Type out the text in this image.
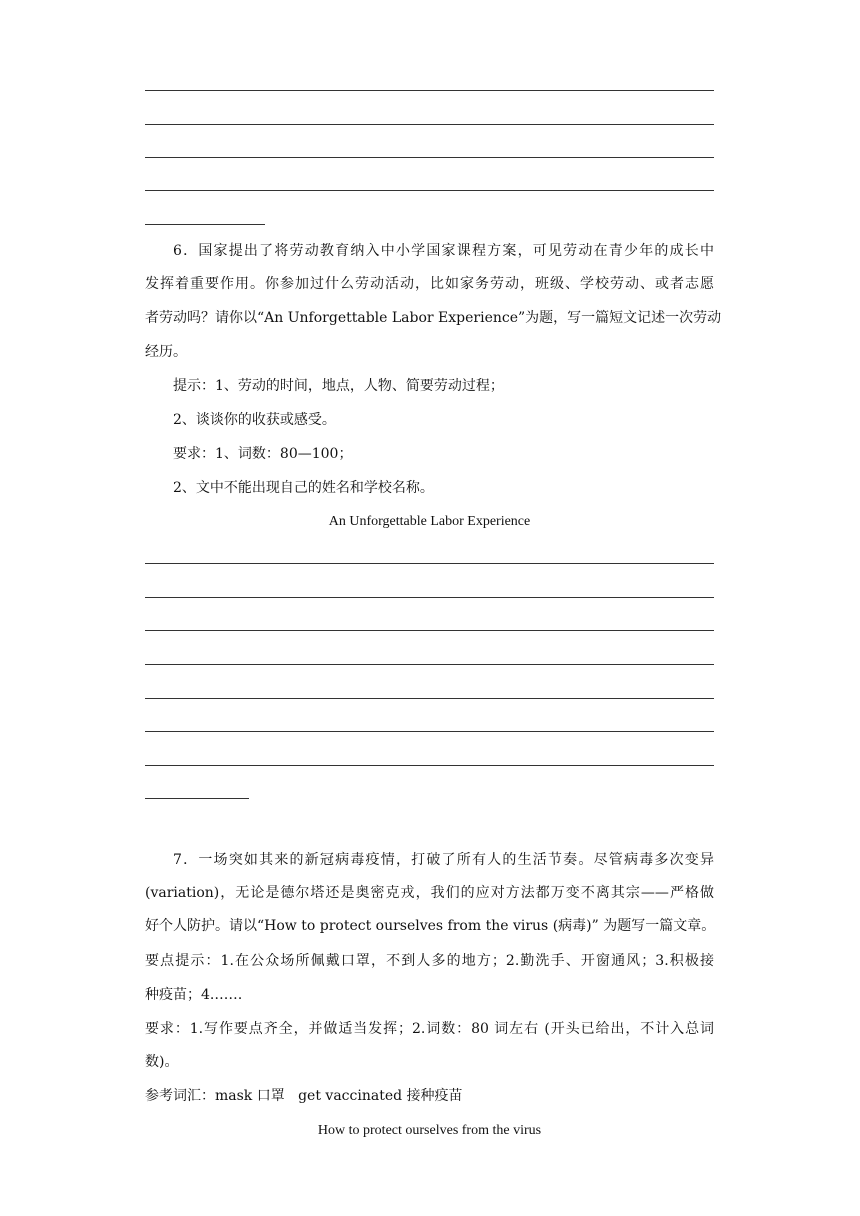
6．国家提出了将劳动教育纳入中小学国家课程方案，可见劳动在青少年的成长中
发挥着重要作用。你参加过什么劳动活动，比如家务劳动，班级、学校劳动、或者志愿
者劳动吗？请你以“An Unforgettable Labor Experience”为题，写一篇短文记述一次劳动
经历。
提示：1、劳动的时间，地点，人物、简要劳动过程；
2、谈谈你的收获或感受。
要求：1、词数：80—100；
2、文中不能出现自己的姓名和学校名称。
An Unforgettable Labor Experience
7．一场突如其来的新冠病毒疫情，打破了所有人的生活节奏。尽管病毒多次变异
(variation)，无论是德尔塔还是奥密克戎，我们的应对方法都万变不离其宗——严格做
好个人防护。请以“How to protect ourselves from the virus (病毒)” 为题写一篇文章。
要点提示：1.在公众场所佩戴口罩，不到人多的地方；2.勤洗手、开窗通风；3.积极接
种疫苗；4.……
要求：1.写作要点齐全，并做适当发挥；2.词数：80 词左右 (开头已给出，不计入总词
数)。
参考词汇：mask 口罩   get vaccinated 接种疫苗
How to protect ourselves from the virus
